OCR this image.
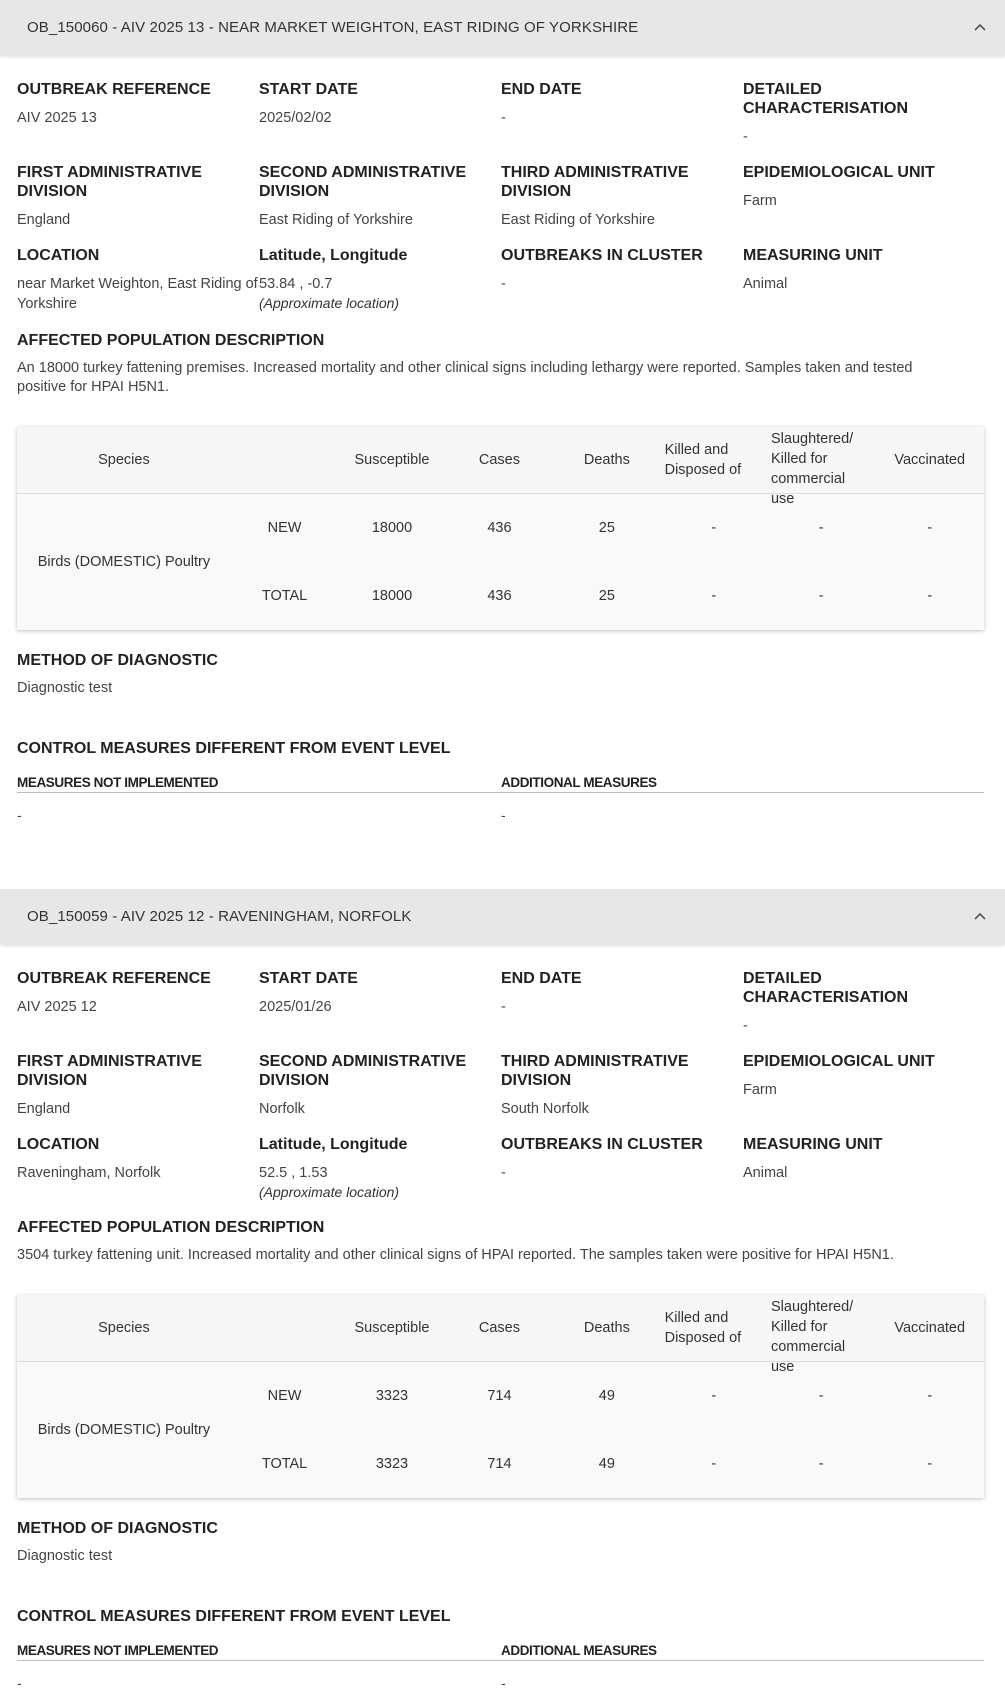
OB_150060 - AIV 2025 13 - NEAR MARKET WEIGHTON, EAST RIDING OF YORKSHIRE
OUTBREAK REFERENCE
AIV 2025 13
START DATE
2025/02/02
END DATE
-
DETAILED CHARACTERISATION
-
FIRST ADMINISTRATIVE DIVISION
England
SECOND ADMINISTRATIVE DIVISION
East Riding of Yorkshire
THIRD ADMINISTRATIVE DIVISION
East Riding of Yorkshire
EPIDEMIOLOGICAL UNIT
Farm
LOCATION
near Market Weighton, East Riding of Yorkshire
Latitude, Longitude
53.84 , -0.7
(Approximate location)
OUTBREAKS IN CLUSTER
-
MEASURING UNIT
Animal
AFFECTED POPULATION DESCRIPTION
An 18000 turkey fattening premises. Increased mortality and other clinical signs including lethargy were reported. Samples taken and tested positive for HPAI H5N1.
Species		Susceptible	Cases	Deaths	Killed and Disposed of	Slaughtered/ Killed for commercial use	Vaccinated
Birds (DOMESTIC) Poultry	NEW	18000	436	25	-	-	-
	TOTAL	18000	436	25	-	-	-
METHOD OF DIAGNOSTIC
Diagnostic test
CONTROL MEASURES DIFFERENT FROM EVENT LEVEL
MEASURES NOT IMPLEMENTED	ADDITIONAL MEASURES
-	-
OB_150059 - AIV 2025 12 - RAVENINGHAM, NORFOLK
OUTBREAK REFERENCE
AIV 2025 12
START DATE
2025/01/26
END DATE
-
DETAILED CHARACTERISATION
-
FIRST ADMINISTRATIVE DIVISION
England
SECOND ADMINISTRATIVE DIVISION
Norfolk
THIRD ADMINISTRATIVE DIVISION
South Norfolk
EPIDEMIOLOGICAL UNIT
Farm
LOCATION
Raveningham, Norfolk
Latitude, Longitude
52.5 , 1.53
(Approximate location)
OUTBREAKS IN CLUSTER
-
MEASURING UNIT
Animal
AFFECTED POPULATION DESCRIPTION
3504 turkey fattening unit. Increased mortality and other clinical signs of HPAI reported. The samples taken were positive for HPAI H5N1.
Species		Susceptible	Cases	Deaths	Killed and Disposed of	Slaughtered/ Killed for commercial use	Vaccinated
Birds (DOMESTIC) Poultry	NEW	3323	714	49	-	-	-
	TOTAL	3323	714	49	-	-	-
METHOD OF DIAGNOSTIC
Diagnostic test
CONTROL MEASURES DIFFERENT FROM EVENT LEVEL
MEASURES NOT IMPLEMENTED	ADDITIONAL MEASURES
-	-
